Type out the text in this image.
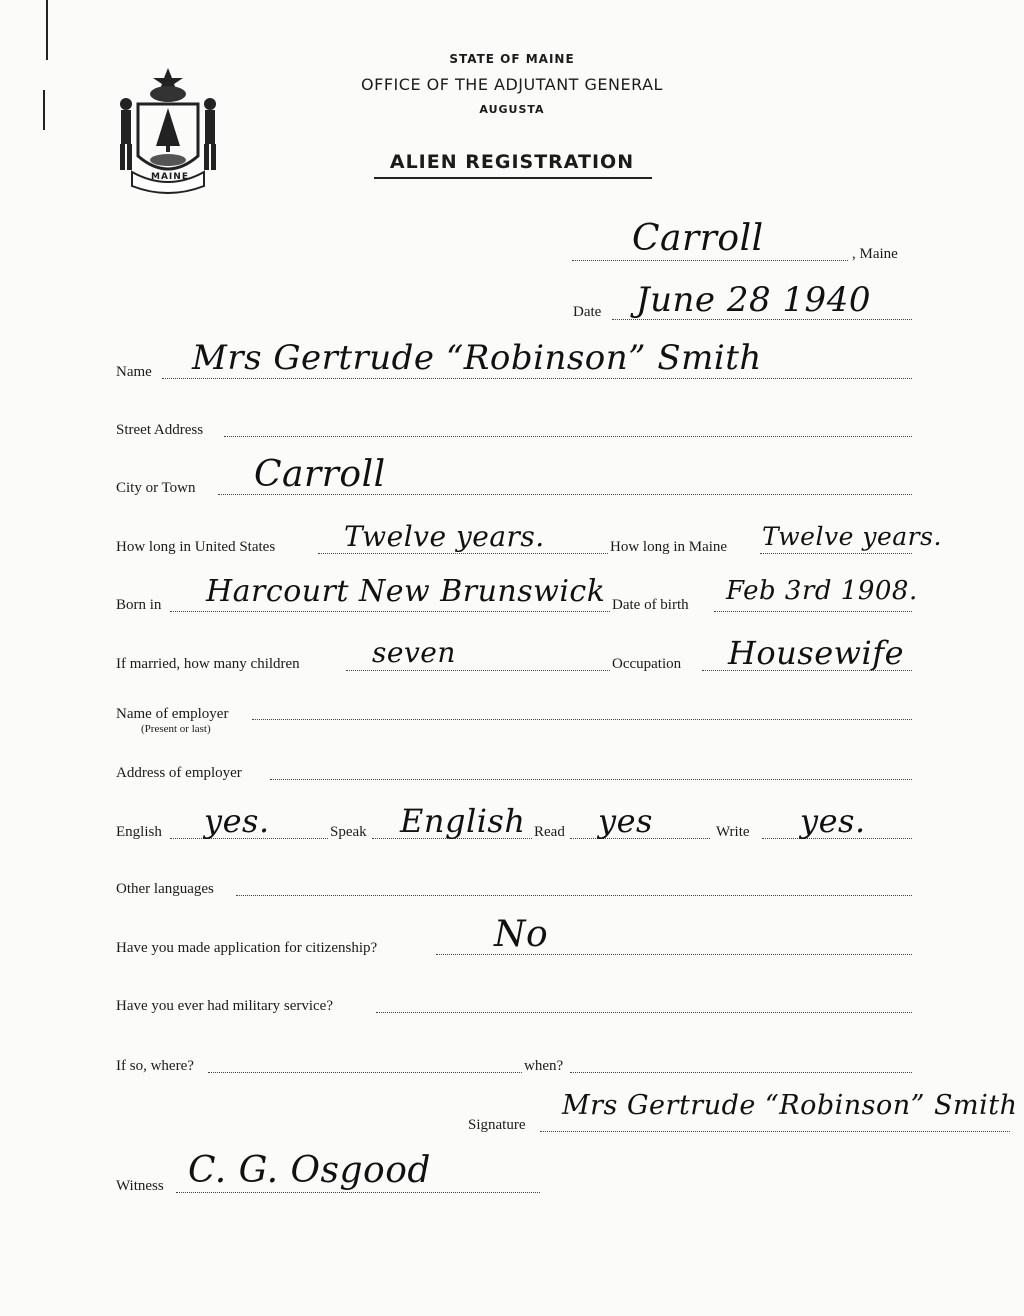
MAINE
STATE OF MAINE
OFFICE OF THE ADJUTANT GENERAL
AUGUSTA
ALIEN REGISTRATION
Carroll	, Maine
Date June 28 1940
Name Mrs Gertrude “Robinson” Smith
Street Address
City or Town Carroll
How long in United States Twelve years.	How long in Maine Twelve years.
Born in Harcourt New Brunswick Date of birth Feb 3rd 1908.
If married, how many children	seven	Occupation Housewife
Name of employer
(Present or last)
Address of employer
English yes.	Speak English Read yes	Write yes.
Other languages
Have you made application for citizenship?	No
Have you ever had military service?
If so, where?	when?
Signature
Mrs Gertrude “Robinson” Smith
Witness C. G. Osgood
